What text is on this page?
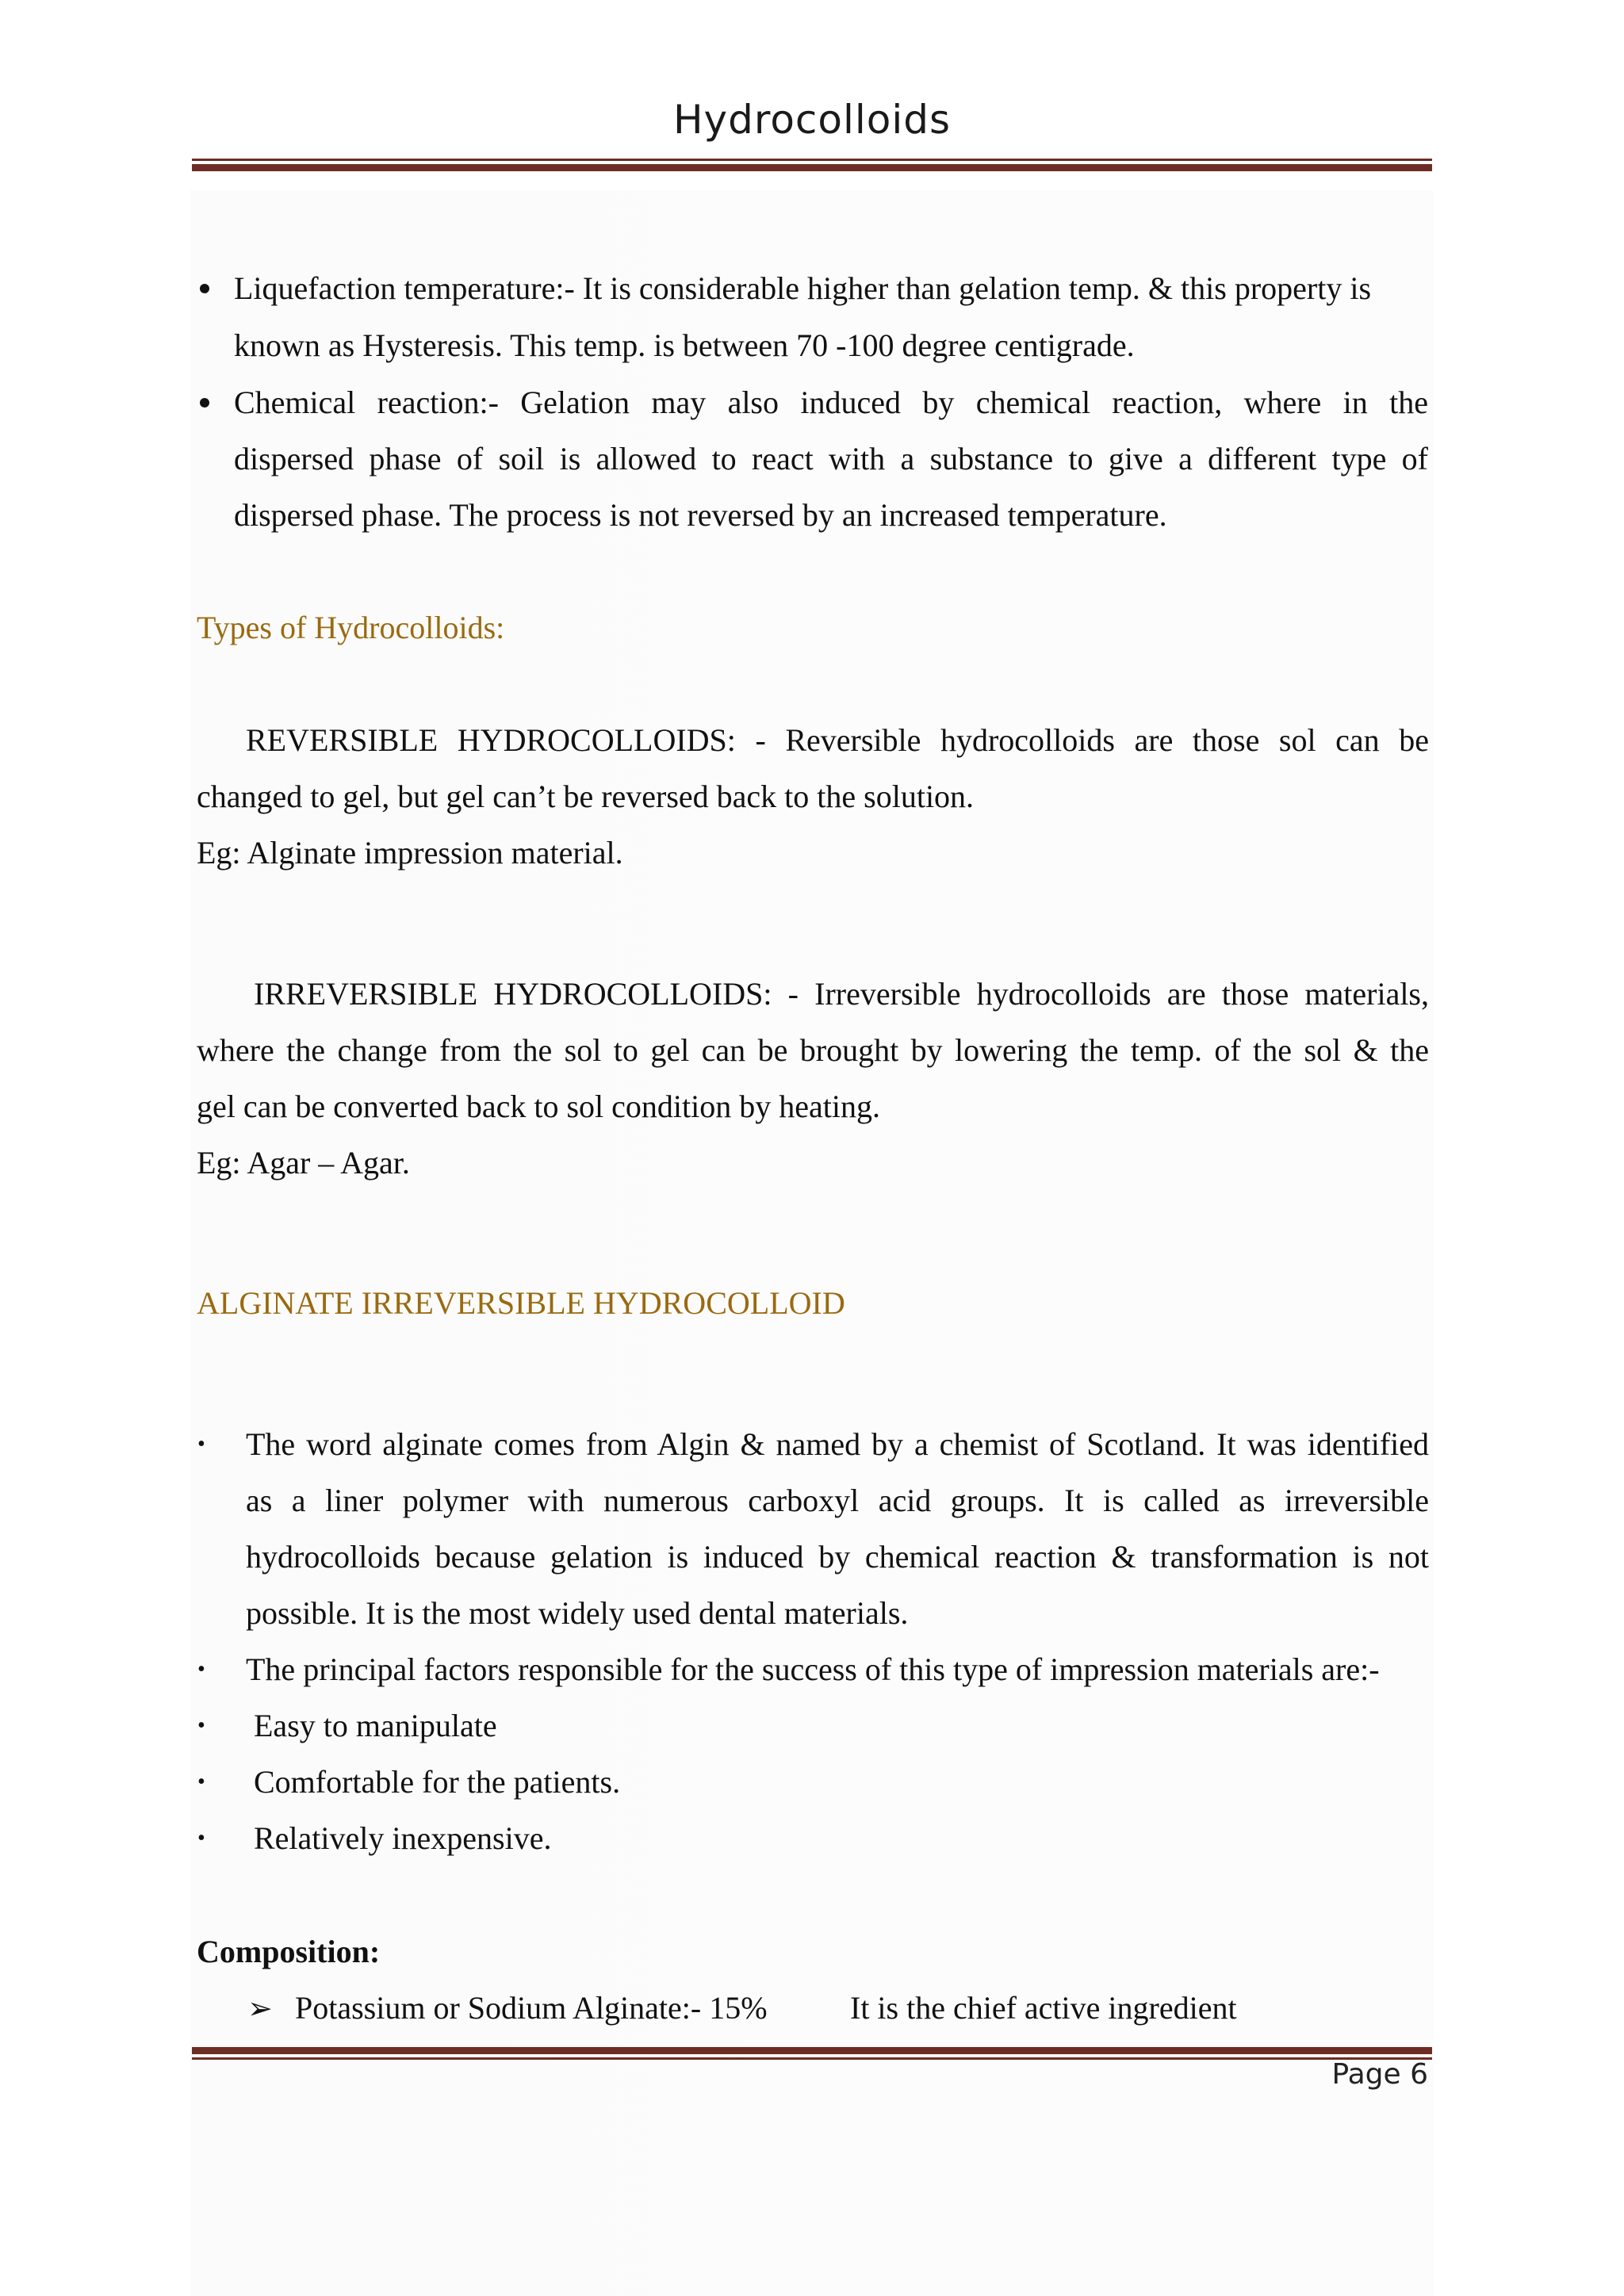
Hydrocolloids
Liquefaction temperature:- It is considerable higher than gelation temp. & this property is
known as Hysteresis. This temp. is between 70 -100 degree centigrade.
Chemical reaction:- Gelation may also induced by chemical reaction, where in the
dispersed phase of soil is allowed to react with a substance to give a different type of
dispersed phase. The process is not reversed by an increased temperature.
Types of Hydrocolloids:
REVERSIBLE HYDROCOLLOIDS: - Reversible hydrocolloids are those sol can be
changed to gel, but gel can’t be reversed back to the solution.
Eg: Alginate impression material.
IRREVERSIBLE HYDROCOLLOIDS: - Irreversible hydrocolloids are those materials,
where the change from the sol to gel can be brought by lowering the temp. of the sol & the
gel can be converted back to sol condition by heating.
Eg: Agar – Agar.
ALGINATE IRREVERSIBLE HYDROCOLLOID
• The word alginate comes from Algin & named by a chemist of Scotland. It was identified
as a liner polymer with numerous carboxyl acid groups. It is called as irreversible
hydrocolloids because gelation is induced by chemical reaction & transformation is not
possible. It is the most widely used dental materials.
• The principal factors responsible for the success of this type of impression materials are:-
• Easy to manipulate
• Comfortable for the patients.
• Relatively inexpensive.
Composition:
➢ Potassium or Sodium Alginate:- 15%	It is the chief active ingredient
Page 6
